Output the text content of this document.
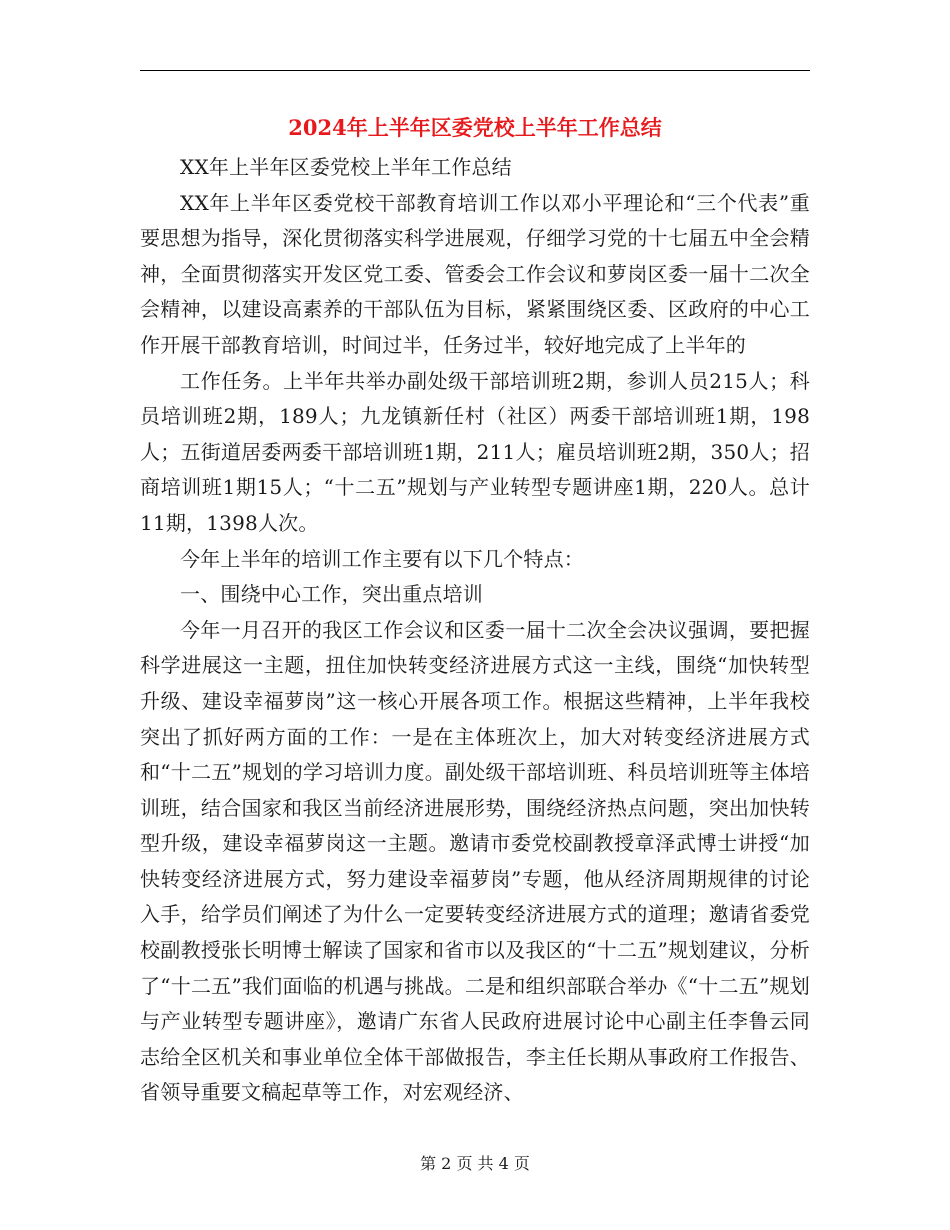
2024年上半年区委党校上半年工作总结

XX年上半年区委党校上半年工作总结

XX年上半年区委党校干部教育培训工作以邓小平理论和“三个代表”重要思想为指导，深化贯彻落实科学进展观，仔细学习党的十七届五中全会精神，全面贯彻落实开发区党工委、管委会工作会议和萝岗区委一届十二次全会精神，以建设高素养的干部队伍为目标，紧紧围绕区委、区政府的中心工作开展干部教育培训，时间过半，任务过半，较好地完成了上半年的

工作任务。上半年共举办副处级干部培训班2期，参训人员215人；科员培训班2期，189人；九龙镇新任村（社区）两委干部培训班1期，198人；五街道居委两委干部培训班1期，211人；雇员培训班2期，350人；招商培训班1期15人；“十二五”规划与产业转型专题讲座1期，220人。总计11期，1398人次。

今年上半年的培训工作主要有以下几个特点：

一、围绕中心工作，突出重点培训

今年一月召开的我区工作会议和区委一届十二次全会决议强调，要把握科学进展这一主题，扭住加快转变经济进展方式这一主线，围绕“加快转型升级、建设幸福萝岗”这一核心开展各项工作。根据这些精神，上半年我校突出了抓好两方面的工作：一是在主体班次上，加大对转变经济进展方式和“十二五”规划的学习培训力度。副处级干部培训班、科员培训班等主体培训班，结合国家和我区当前经济进展形势，围绕经济热点问题，突出加快转型升级，建设幸福萝岗这一主题。邀请市委党校副教授章泽武博士讲授“加快转变经济进展方式，努力建设幸福萝岗”专题，他从经济周期规律的讨论入手，给学员们阐述了为什么一定要转变经济进展方式的道理；邀请省委党校副教授张长明博士解读了国家和省市以及我区的“十二五”规划建议，分析了“十二五”我们面临的机遇与挑战。二是和组织部联合举办《“十二五”规划与产业转型专题讲座》，邀请广东省人民政府进展讨论中心副主任李鲁云同志给全区机关和事业单位全体干部做报告，李主任长期从事政府工作报告、省领导重要文稿起草等工作，对宏观经济、

第 2 页 共 4 页
